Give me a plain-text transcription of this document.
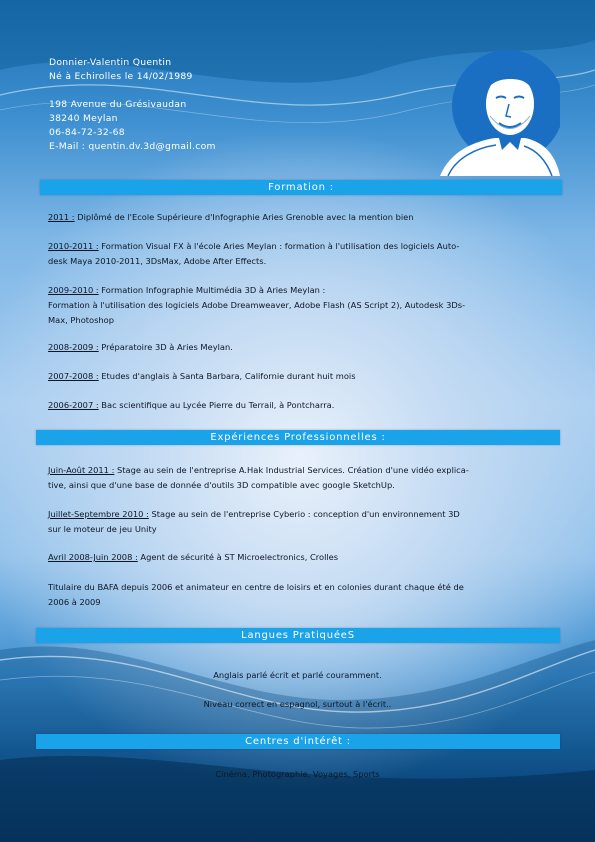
Donnier-Valentin Quentin
Né à Echirolles le 14/02/1989
198 Avenue du Grésivaudan
38240 Meylan
06-84-72-32-68
E-Mail : quentin.dv.3d@gmail.com
Formation :
2011 : Diplômé de l'Ecole Supérieure d'Infographie Aries Grenoble avec la mention bien
2010-2011 : Formation Visual FX à l'école Aries Meylan : formation à l'utilisation des logiciels Auto-
desk Maya 2010-2011, 3DsMax, Adobe After Effects.
2009-2010 : Formation Infographie Multimédia 3D à Aries Meylan :
Formation à l'utilisation des logiciels Adobe Dreamweaver, Adobe Flash (AS Script 2), Autodesk 3Ds-
Max, Photoshop
2008-2009 : Préparatoire 3D à Aries Meylan.
2007-2008 : Etudes d'anglais à Santa Barbara, Californie durant huit mois
2006-2007 : Bac scientifique au Lycée Pierre du Terrail, à Pontcharra.
Expériences Professionnelles :
Juin-Août 2011 : Stage au sein de l'entreprise A.Hak Industrial Services. Création d'une vidéo explica-
tive, ainsi que d'une base de donnée d'outils 3D compatible avec google SketchUp.
Juillet-Septembre 2010 : Stage au sein de l'entreprise Cyberio : conception d'un environnement 3D
sur le moteur de jeu Unity
Avril 2008-Juin 2008 : Agent de sécurité à ST Microelectronics, Crolles
Titulaire du BAFA depuis 2006 et animateur en centre de loisirs et en colonies durant chaque été de
2006 à 2009
Langues PratiquéeS
Anglais parlé écrit et parlé couramment.
Niveau correct en espagnol, surtout à l'écrit..
Centres d'intérêt :
Cinéma, Photographie, Voyages, Sports
